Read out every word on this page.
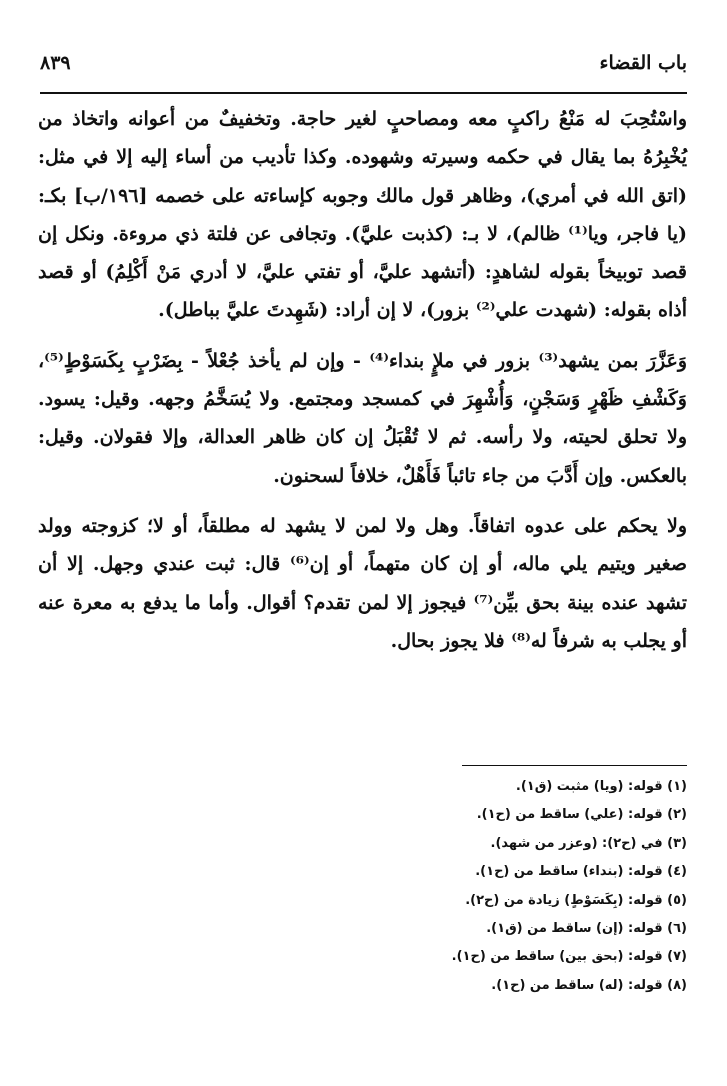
باب القضاء
٨٣٩

واسْتُحِبَ له مَنْعُ راكبٍ معه ومصاحبٍ لغير حاجة. وتخفيفٌ من أعوانه واتخاذ من يُخْبِرُهُ بما يقال في حكمه وسيرته وشهوده. وكذا تأديب من أساء إليه إلا في مثل: (اتق الله في أمري)، وظاهر قول مالك وجوبه كإساءته على خصمه [١٩٦/ب] بكـ: (يا فاجر، ويا⁽¹⁾ ظالم)، لا بـ: (كذبت عليَّ). وتجافى عن فلتة ذي مروءة. ونكل إن قصد توبيخاً بقوله لشاهدٍ: (أتشهد عليَّ، أو تفتي عليَّ، لا أدري مَنْ أَكْلِمُ) أو قصد أذاه بقوله: (شهدت علي⁽²⁾ بزور)، لا إن أراد: (شَهِدتَ عليَّ بباطل).

وَعَزَّرَ بمن يشهد⁽³⁾ بزور في ملإٍ بنداء⁽⁴⁾ - وإن لم يأخذ جُعْلاً - بِضَرْبٍ بِكَسَوْطٍ⁽⁵⁾، وَكَشْفِ ظَهْرٍ وَسَجْنٍ، وَأُشْهِرَ في كمسجد ومجتمع. ولا يُسَخَّمُ وجهه. وقيل: يسود. ولا تحلق لحيته، ولا رأسه. ثم لا تُقْبَلُ إن كان ظاهر العدالة، وإلا فقولان. وقيل: بالعكس. وإن أَدَّبَ من جاء تائباً فَأَهْلٌ، خلافاً لسحنون.

ولا يحكم على عدوه اتفاقاً. وهل ولا لمن لا يشهد له مطلقاً، أو لا؛ كزوجته وولد صغير ويتيم يلي ماله، أو إن كان متهماً، أو إن⁽⁶⁾ قال: ثبت عندي وجهل. إلا أن تشهد عنده بينة بحق بيِّن⁽⁷⁾ فيجوز إلا لمن تقدم؟ أقوال. وأما ما يدفع به معرة عنه أو يجلب به شرفاً له⁽⁸⁾ فلا يجوز بحال.

(١) قوله: (ويا) مثبت (ق١).

(٢) قوله: (علي) ساقط من (ح١).

(٣) في (ح٢): (وعزر من شهد).

(٤) قوله: (بنداء) ساقط من (ح١).

(٥) قوله: (بِكَسَوْطٍ) زيادة من (ح٢).

(٦) قوله: (إن) ساقط من (ق١).

(٧) قوله: (بحق بين) ساقط من (ح١).

(٨) قوله: (له) ساقط من (ح١).
